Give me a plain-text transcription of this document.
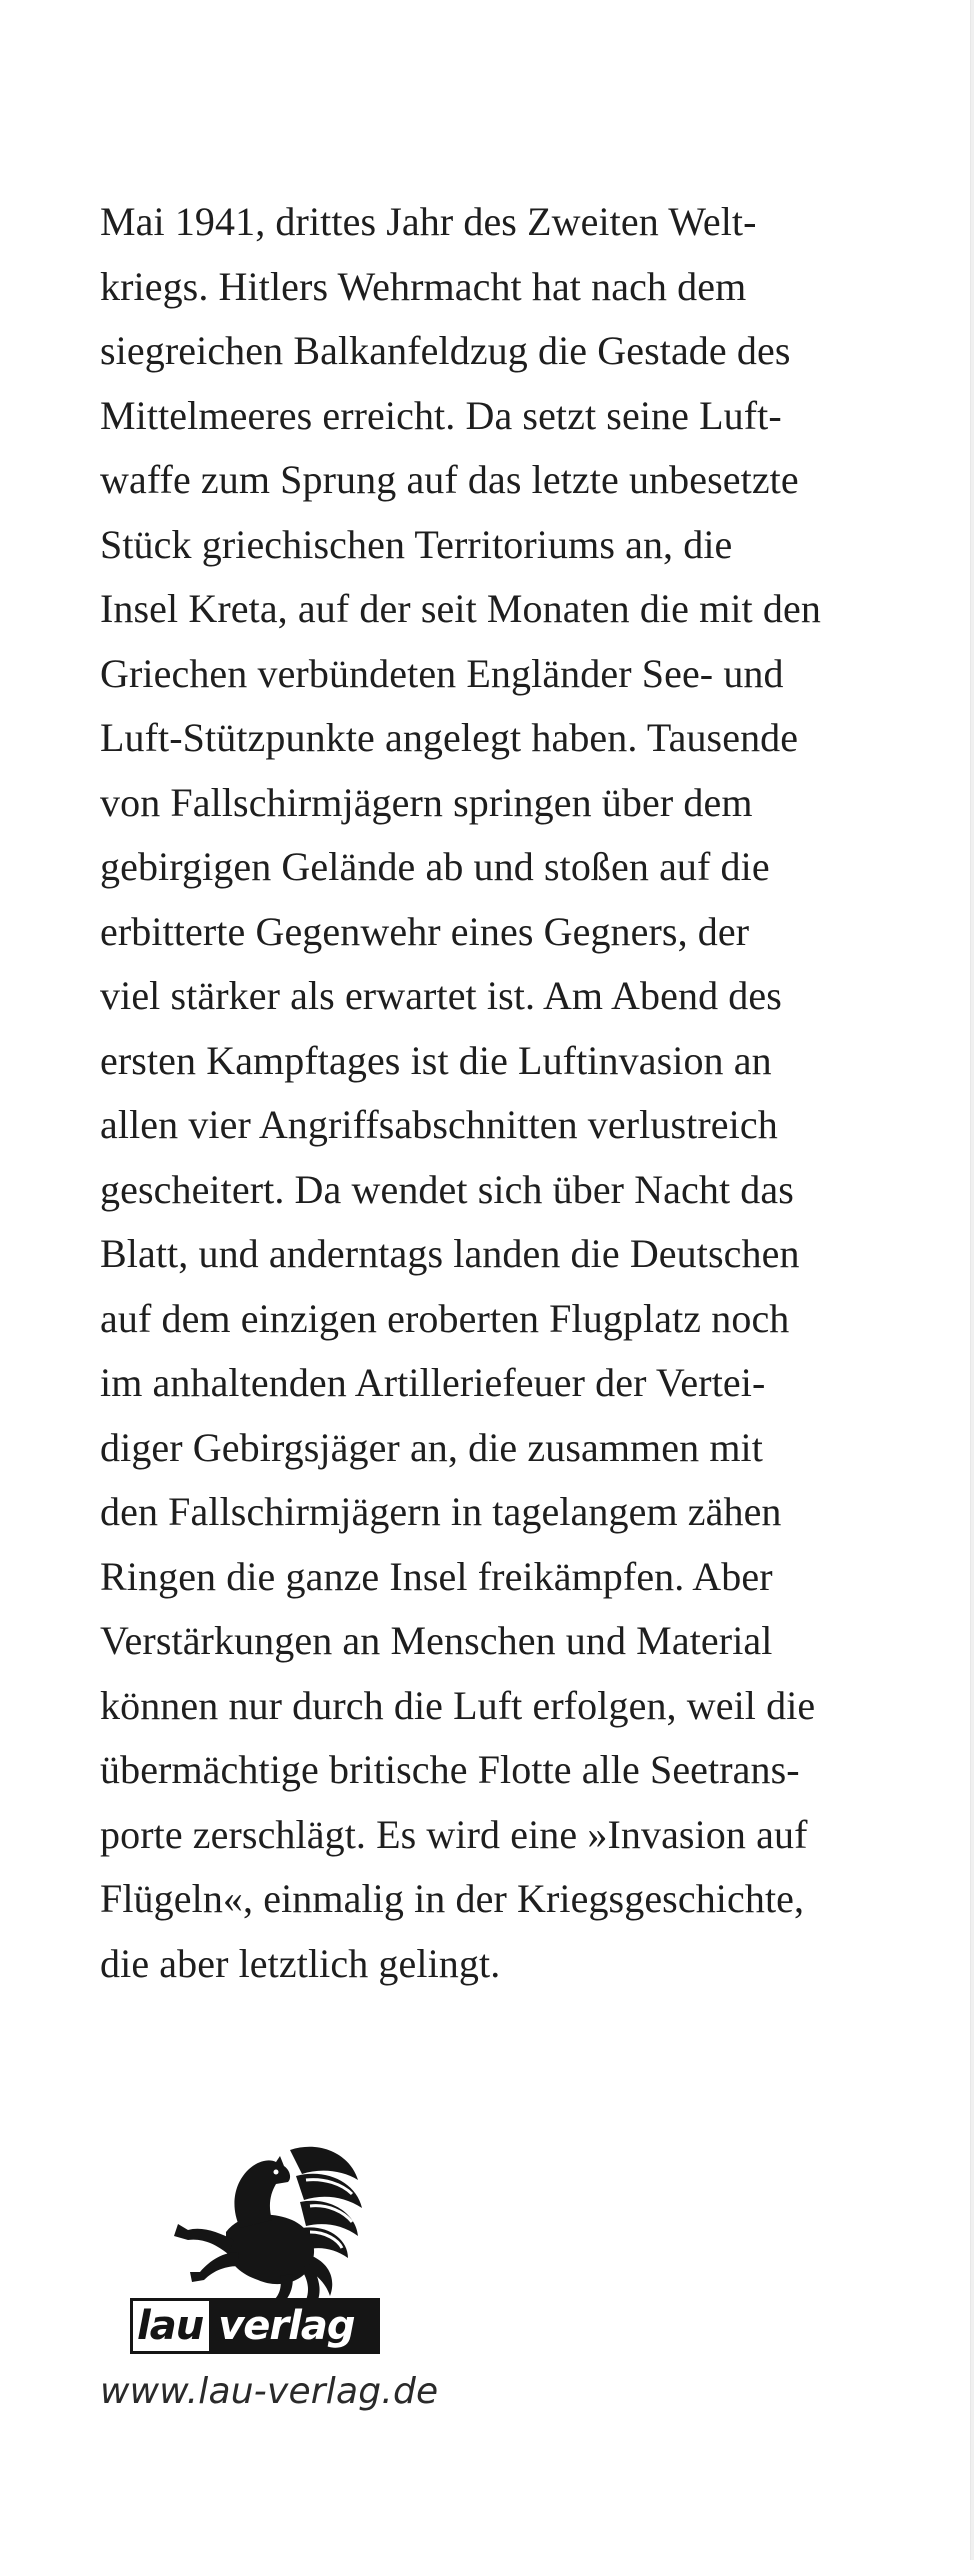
Mai 1941, drittes Jahr des Zweiten Welt-
kriegs. Hitlers Wehrmacht hat nach dem
siegreichen Balkanfeldzug die Gestade des
Mittelmeeres erreicht. Da setzt seine Luft-
waffe zum Sprung auf das letzte unbesetzte
Stück griechischen Territoriums an, die
Insel Kreta, auf der seit Monaten die mit den
Griechen verbündeten Engländer See- und
Luft-Stützpunkte angelegt haben. Tausende
von Fallschirmjägern springen über dem
gebirgigen Gelände ab und stoßen auf die
erbitterte Gegenwehr eines Gegners, der
viel stärker als erwartet ist. Am Abend des
ersten Kampftages ist die Luftinvasion an
allen vier Angriffsabschnitten verlustreich
gescheitert. Da wendet sich über Nacht das
Blatt, und anderntags landen die Deutschen
auf dem einzigen eroberten Flugplatz noch
im anhaltenden Artilleriefeuer der Vertei-
diger Gebirgsjäger an, die zusammen mit
den Fallschirmjägern in tagelangem zähen
Ringen die ganze Insel freikämpfen. Aber
Verstärkungen an Menschen und Material
können nur durch die Luft erfolgen, weil die
übermächtige britische Flotte alle Seetrans-
porte zerschlägt. Es wird eine »Invasion auf
Flügeln«, einmalig in der Kriegsgeschichte,
die aber letztlich gelingt.
lau verlag
www.lau-verlag.de
